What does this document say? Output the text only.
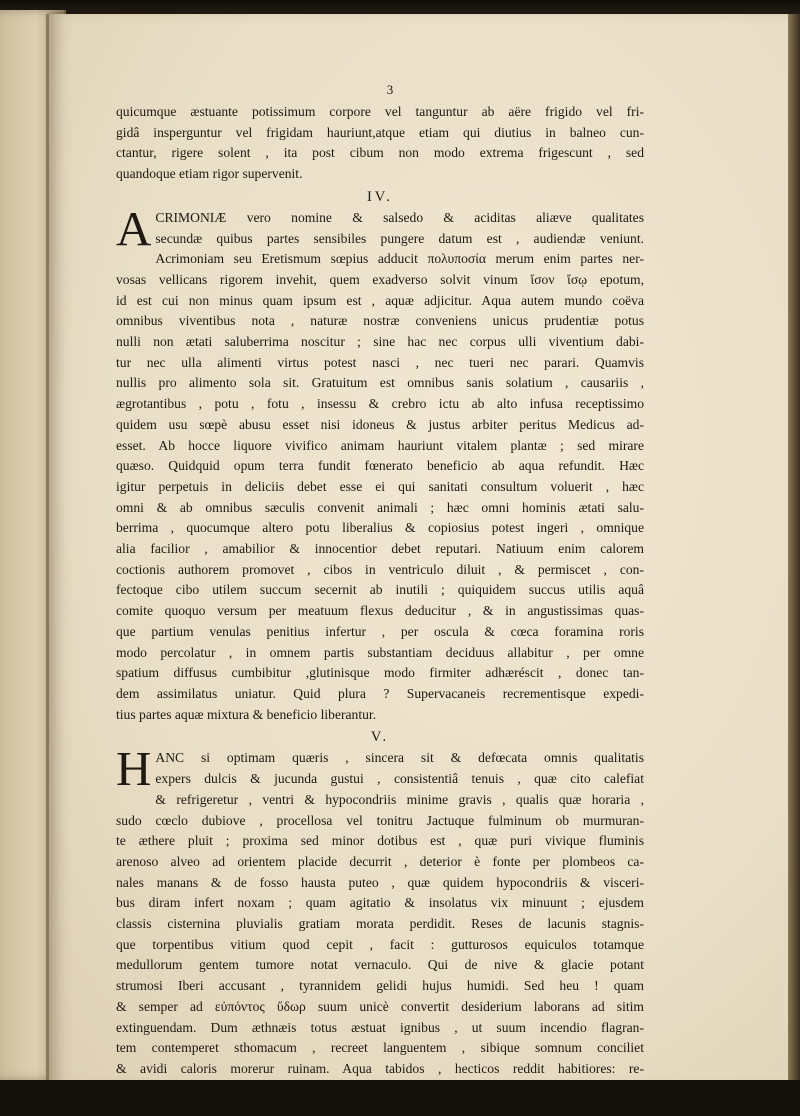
3
quicumque æstuante potissimum corpore vel tanguntur ab aëre frigido vel fri-
gidâ insperguntur vel frigidam hauriunt,atque etiam qui diutius in balneo cun-
ctantur, rigere solent , ita post cibum non modo extrema frigescunt , sed
quandoque etiam rigor supervenit.
IV.
A CRIMONIÆ vero nomine & salsedo & aciditas aliæve qualitates
secundæ quibus partes sensibiles pungere datum est , audiendæ veniunt.
Acrimoniam seu Eretismum sœpius adducit πολυποσία merum enim partes ner-
vosas vellicans rigorem invehit, quem exadverso solvit vinum ἴσον ἴσῳ epotum,
id est cui non minus quam ipsum est , aquæ adjicitur. Aqua autem mundo coëva
omnibus viventibus nota , naturæ nostræ conveniens unicus prudentiæ potus
nulli non ætati saluberrima noscitur ; sine hac nec corpus ulli viventium dabi-
tur nec ulla alimenti virtus potest nasci , nec tueri nec parari. Quamvis
nullis pro alimento sola sit. Gratuitum est omnibus sanis solatium , causariis ,
ægrotantibus , potu , fotu , insessu & crebro ictu ab alto infusa receptissimo
quidem usu sœpè abusu esset nisi idoneus & justus arbiter peritus Medicus ad-
esset. Ab hocce liquore vivifico animam hauriunt vitalem plantæ ; sed mirare
quæso. Quidquid opum terra fundit fœnerato beneficio ab aqua refundit. Hæc
igitur perpetuis in deliciis debet esse ei qui sanitati consultum voluerit , hæc
omni & ab omnibus sæculis convenit animali ; hæc omni hominis ætati salu-
berrima , quocumque altero potu liberalius & copiosius potest ingeri , omnique
alia facilior , amabilior & innocentior debet reputari. Natiuum enim calorem
coctionis authorem promovet , cibos in ventriculo diluit , & permiscet , con-
fectoque cibo utilem succum secernit ab inutili ; quiquidem succus utilis aquâ
comite quoquo versum per meatuum flexus deducitur , & in angustissimas quas-
que partium venulas penitius infertur , per oscula & cœca foramina roris
modo percolatur , in omnem partis substantiam deciduus allabitur , per omne
spatium diffusus cumbibitur ,glutinisque modo firmiter adhæréscit , donec tan-
dem assimilatus uniatur. Quid plura ? Supervacaneis recrementisque expedi-
tius partes aquæ mixtura & beneficio liberantur.
V.
H ANC si optimam quæris , sincera sit & defœcata omnis qualitatis
expers dulcis & jucunda gustui , consistentiâ tenuis , quæ cito calefiat
& refrigeretur , ventri & hypocondriis minime gravis , qualis quæ horaria ,
sudo cœclo dubiove , procellosa vel tonitru Jactuque fulminum ob murmuran-
te æthere pluit ; proxima sed minor dotibus est , quæ puri vivique fluminis
arenoso alveo ad orientem placide decurrit , deterior è fonte per plombeos ca-
nales manans & de fosso hausta puteo , quæ quidem hypocondriis & visceri-
bus diram infert noxam ; quam agitatio & insolatus vix minuunt ; ejusdem
classis cisternina pluvialis gratiam morata perdidit. Reses de lacunis stagnis-
que torpentibus vitium quod cepit , facit : gutturosos equiculos totamque
medullorum gentem tumore notat vernaculo. Qui de nive & glacie potant
strumosi Iberi accusant , tyrannidem gelidi hujus humidi. Sed heu ! quam
& semper ad εὐπόντος ὕδωρ suum unicè convertit desiderium laborans ad sitim
extinguendam. Dum æthnæis totus æstuat ignibus , ut suum incendio flagran-
tem contemperet sthomacum , recreet languentem , sibique somnum conciliet
& avidi caloris morerur ruinam. Aqua tabidos , hecticos reddit habitiores: re-
